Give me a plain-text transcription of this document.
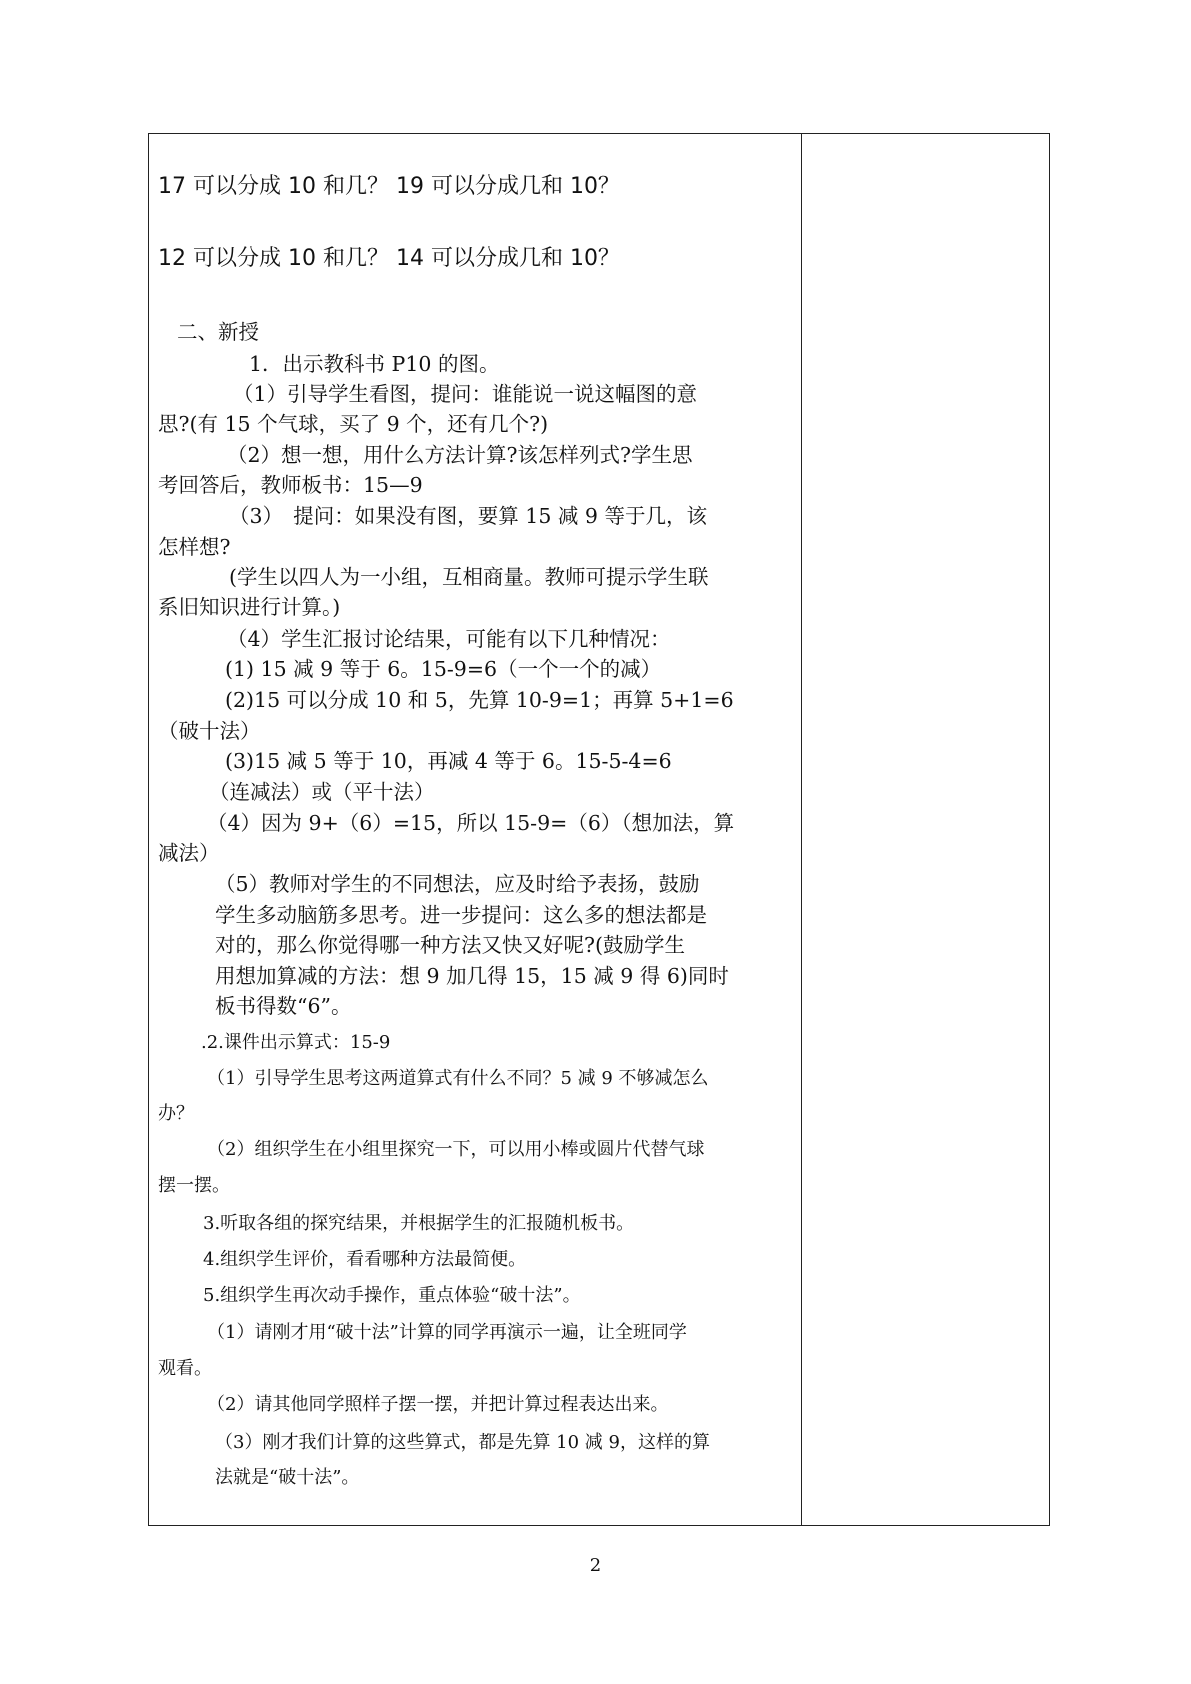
17 可以分成 10 和几？ 19 可以分成几和 10？
12 可以分成 10 和几？ 14 可以分成几和 10？
二、新授
1．出示教科书 P10 的图。
（1）引导学生看图，提问：谁能说一说这幅图的意
思?(有 15 个气球，买了 9 个，还有几个?)
（2）想一想，用什么方法计算?该怎样列式?学生思
考回答后，教师板书：15—9
（3）　提问：如果没有图，要算 15 减 9 等于几，该
怎样想?
(学生以四人为一小组，互相商量。教师可提示学生联
系旧知识进行计算。)
（4）学生汇报讨论结果，可能有以下几种情况：
(1) 15 减 9 等于 6。15-9=6（一个一个的减）
(2)15 可以分成 10 和 5，先算 10-9=1；再算 5+1=6
（破十法）
(3)15 减 5 等于 10，再减 4 等于 6。15-5-4=6
（连减法）或（平十法）
（4）因为 9+（6）=15，所以 15-9=（6）（想加法，算
减法）
（5）教师对学生的不同想法，应及时给予表扬，鼓励
学生多动脑筋多思考。进一步提问：这么多的想法都是
对的，那么你觉得哪一种方法又快又好呢?(鼓励学生
用想加算减的方法：想 9 加几得 15，15 减 9 得 6)同时
板书得数“6”。
.2.课件出示算式：15-9
（1）引导学生思考这两道算式有什么不同？5 减 9 不够减怎么
办？
（2）组织学生在小组里探究一下，可以用小棒或圆片代替气球
摆一摆。
3.听取各组的探究结果，并根据学生的汇报随机板书。
4.组织学生评价，看看哪种方法最简便。
5.组织学生再次动手操作，重点体验“破十法”。
（1）请刚才用“破十法”计算的同学再演示一遍，让全班同学
观看。
（2）请其他同学照样子摆一摆，并把计算过程表达出来。
（3）刚才我们计算的这些算式，都是先算 10 减 9，这样的算
法就是“破十法”。
2
